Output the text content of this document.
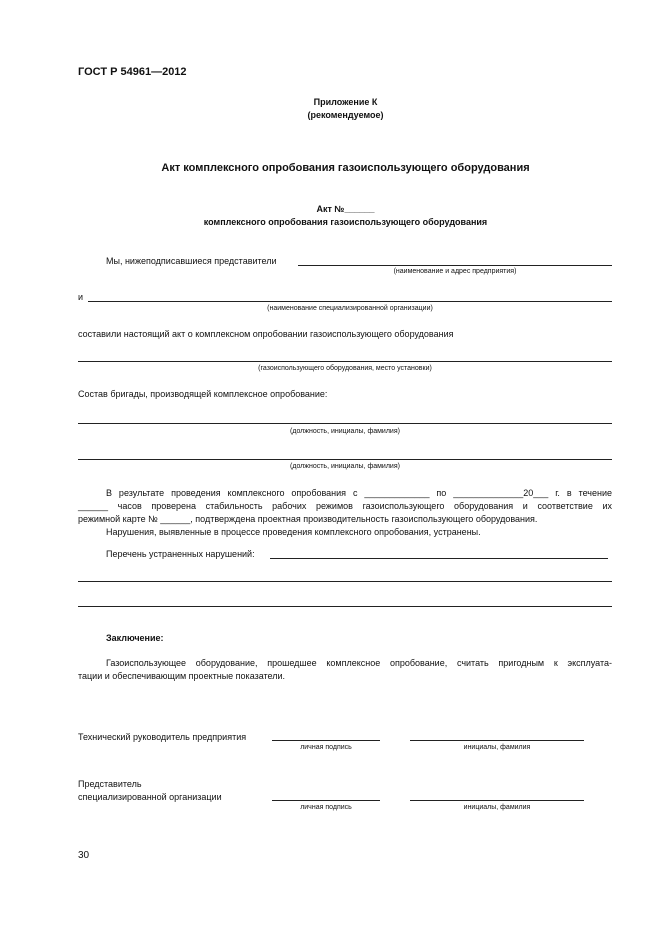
ГОСТ Р 54961—2012
Приложение К
(рекомендуемое)
Акт комплексного опробования газоиспользующего оборудования
Акт №______
комплексного опробования газоиспользующего оборудования
Мы, нижеподписавшиеся представители
(наименование и адрес предприятия)
и
(наименование специализированной организации)
составили настоящий акт о комплексном опробовании газоиспользующего оборудования
(газоиспользующего оборудования, место установки)
Состав бригады, производящей комплексное опробование:
(должность, инициалы, фамилия)
(должность, инициалы, фамилия)
В результате проведения комплексного опробования с _____________ по ______________20___ г. в течение
______ часов проверена стабильность рабочих режимов газоиспользующего оборудования и соответствие их
режимной карте № ______, подтверждена проектная производительность газоиспользующего оборудования.
Нарушения, выявленные в процессе проведения комплексного опробования, устранены.
Перечень устраненных нарушений:
Заключение:
Газоиспользующее оборудование, прошедшее комплексное опробование, считать пригодным к эксплуата-
тации и обеспечивающим проектные показатели.
Технический руководитель предприятия
личная подпись	инициалы, фамилия
Представитель
специализированной организации
личная подпись	инициалы, фамилия
30
